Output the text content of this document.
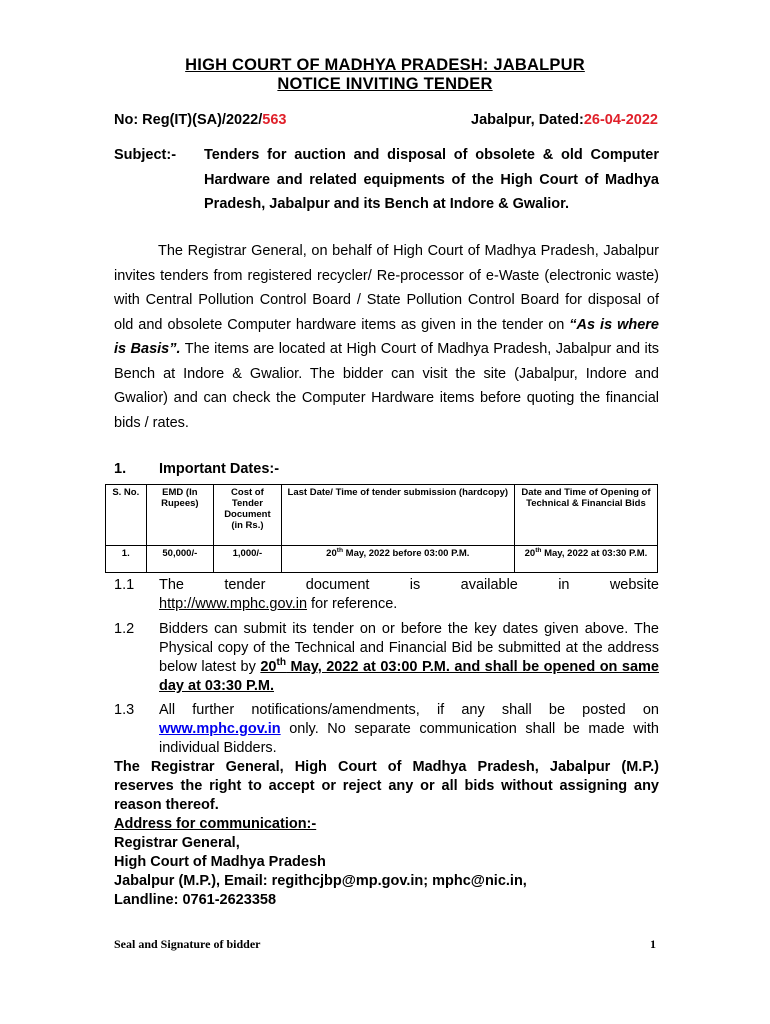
HIGH COURT OF MADHYA PRADESH: JABALPUR
NOTICE INVITING TENDER
No: Reg(IT)(SA)/2022/563	Jabalpur, Dated:26-04-2022
Subject:- Tenders for auction and disposal of obsolete & old Computer Hardware and related equipments of the High Court of Madhya Pradesh, Jabalpur and its Bench at Indore & Gwalior.
The Registrar General, on behalf of High Court of Madhya Pradesh, Jabalpur invites tenders from registered recycler/ Re-processor of e-Waste (electronic waste) with Central Pollution Control Board / State Pollution Control Board for disposal of old and obsolete Computer hardware items as given in the tender on “As is where is Basis”. The items are located at High Court of Madhya Pradesh, Jabalpur and its Bench at Indore & Gwalior. The bidder can visit the site (Jabalpur, Indore and Gwalior) and can check the Computer Hardware items before quoting the financial bids / rates.
1. Important Dates:-
S. No.	EMD (In Rupees)	Cost of Tender Document (in Rs.)	Last Date/ Time of tender submission (hardcopy)	Date and Time of Opening of Technical & Financial Bids
1.	50,000/-	1,000/-	20th May, 2022 before 03:00 P.M.	20th May, 2022 at 03:30 P.M.
1.1 The tender document is available in website
http://www.mphc.gov.in for reference.
1.2 Bidders can submit its tender on or before the key dates given above. The Physical copy of the Technical and Financial Bid be submitted at the address below latest by 20th May, 2022 at 03:00 P.M. and shall be opened on same day at 03:30 P.M.
1.3 All further notifications/amendments, if any shall be posted on www.mphc.gov.in only. No separate communication shall be made with individual Bidders.
The Registrar General, High Court of Madhya Pradesh, Jabalpur (M.P.) reserves the right to accept or reject any or all bids without assigning any reason thereof.
Address for communication:-
Registrar General,
High Court of Madhya Pradesh
Jabalpur (M.P.), Email: regithcjbp@mp.gov.in; mphc@nic.in,
Landline: 0761-2623358
Seal and Signature of bidder	1
